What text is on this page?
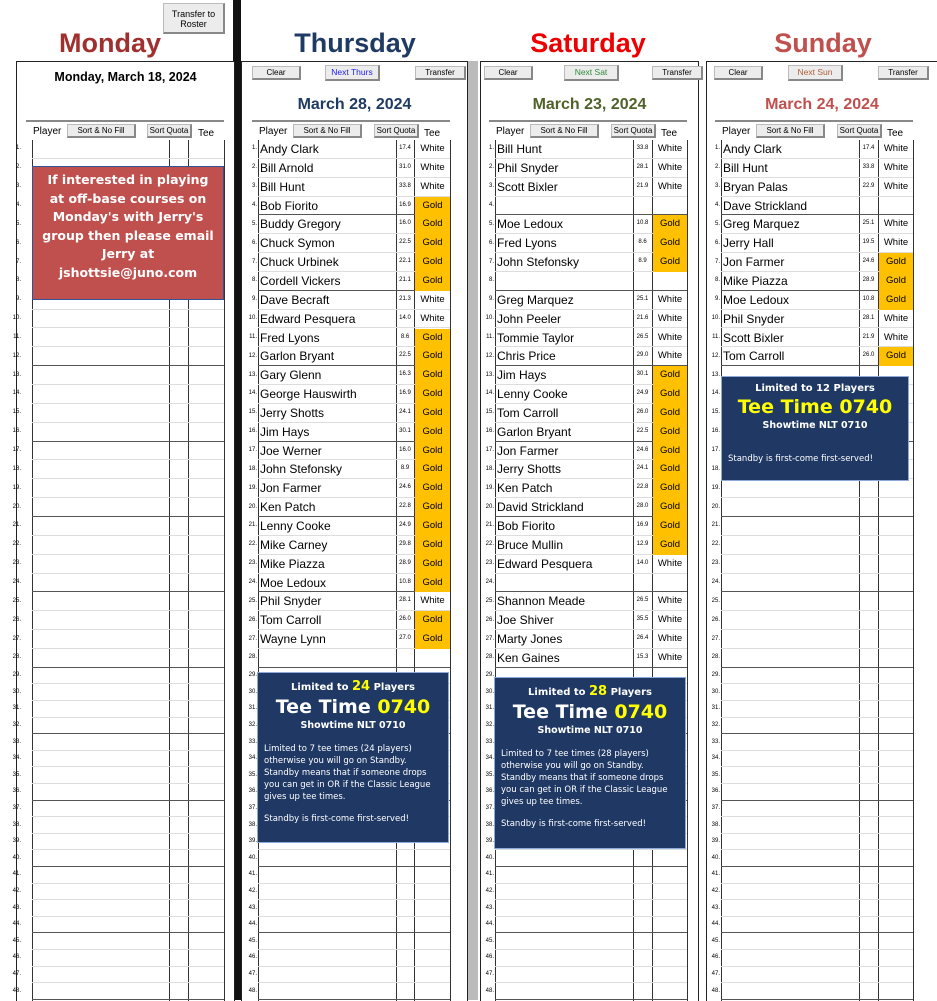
Transfer to Roster
Monday
Monday, March 18, 2024
Player	Sort & No Fill	Sort Quota Tee
1.
2.
3.
4.
5.
6.
7.
8.
9.
10.
11.
12.
13.
14.
15.
16.
17.
18.
19.
20.
21.
22.
23.
24.
25.
26.
27.
28.
29.
30.
31.
32.
33.
34.
35.
36.
37.
38.
39.
40.
41.
42.
43.
44.
45.
46.
47.
48.
If interested in playing at off-base courses on Monday's with Jerry's group then please email Jerry at jshottsie@juno.com
Thursday
Clear	Next Thurs	Transfer
March 28, 2024
Player	Sort & No Fill	Sort Quota Tee
1. Andy Clark	17.4	White
2. Bill Arnold	31.0	White
3. Bill Hunt	33.8	White
4. Bob Fiorito	16.9	Gold
5. Buddy Gregory	16.0	Gold
6. Chuck Symon	22.5	Gold
7. Chuck Urbinek	22.1	Gold
8. Cordell Vickers	21.1	Gold
9. Dave Becraft	21.3	White
10. Edward Pesquera	14.0	White
11. Fred Lyons	8.6	Gold
12. Garlon Bryant	22.5	Gold
13. Gary Glenn	16.3	Gold
14. George Hauswirth	16.9	Gold
15. Jerry Shotts	24.1	Gold
16. Jim Hays	30.1	Gold
17. Joe Werner	16.0	Gold
18. John Stefonsky	8.9	Gold
19. Jon Farmer	24.6	Gold
20. Ken Patch	22.8	Gold
21. Lenny Cooke	24.9	Gold
22. Mike Carney	29.8	Gold
23. Mike Piazza	28.9	Gold
24. Moe Ledoux	10.8	Gold
25. Phil Snyder	28.1	White
26. Tom Carroll	26.0	Gold
27. Wayne Lynn	27.0	Gold
28.
29.
30.
31.
32.
33.
34.
35.
36.
37.
38.
39.
40.
41.
42.
43.
44.
45.
46.
47.
48.
Limited to 24 Players
Tee Time 0740
Showtime NLT 0710
Limited to 7 tee times (24 players) otherwise you will go on Standby. Standby means that if someone drops you can get in OR if the Classic League gives up tee times.
Standby is first-come first-served!
Saturday
Clear	Next Sat	Transfer
March 23, 2024
Player	Sort & No Fill	Sort Quota Tee
1. Bill Hunt	33.8	White
2. Phil Snyder	28.1	White
3. Scott Bixler	21.9	White
4.
5. Moe Ledoux	10.8	Gold
6. Fred Lyons	8.6	Gold
7. John Stefonsky	8.9	Gold
8.
9. Greg Marquez	25.1	White
10. John Peeler	21.6	White
11. Tommie Taylor	26.5	White
12. Chris Price	29.0	White
13. Jim Hays	30.1	Gold
14. Lenny Cooke	24.9	Gold
15. Tom Carroll	26.0	Gold
16. Garlon Bryant	22.5	Gold
17. Jon Farmer	24.6	Gold
18. Jerry Shotts	24.1	Gold
19. Ken Patch	22.8	Gold
20. David Strickland	28.0	Gold
21. Bob Fiorito	16.9	Gold
22. Bruce Mullin	12.9	Gold
23. Edward Pesquera	14.0	White
24.
25. Shannon Meade	26.5	White
26. Joe Shiver	35.5	White
27. Marty Jones	26.4	White
28. Ken Gaines	15.3	White
29.
30.
31.
32.
33.
34.
35.
36.
37.
38.
39.
40.
41.
42.
43.
44.
45.
46.
47.
48.
Limited to 28 Players
Tee Time 0740
Showtime NLT 0710
Limited to 7 tee times (28 players) otherwise you will go on Standby. Standby means that if someone drops you can get in OR if the Classic League gives up tee times.
Standby is first-come first-served!
Sunday
Clear	Next Sun	Transfer
March 24, 2024
Player	Sort & No Fill	Sort Quota Tee
1. Andy Clark	17.4	White
2. Bill Hunt	33.8	White
3. Bryan Palas	22.9	White
4. Dave Strickland
5. Greg Marquez	25.1	White
6. Jerry Hall	19.5	White
7. Jon Farmer	24.6	Gold
8. Mike Piazza	28.9	Gold
9. Moe Ledoux	10.8	Gold
10. Phil Snyder	28.1	White
11. Scott Bixler	21.9	White
12. Tom Carroll	26.0	Gold
13.
14.
15.
16.
17.
18.
19.
20.
21.
22.
23.
24.
25.
26.
27.
28.
29.
30.
31.
32.
33.
34.
35.
36.
37.
38.
39.
40.
41.
42.
43.
44.
45.
46.
47.
48.
Limited to 12 Players
Tee Time 0740
Showtime NLT 0710
Standby is first-come first-served!
